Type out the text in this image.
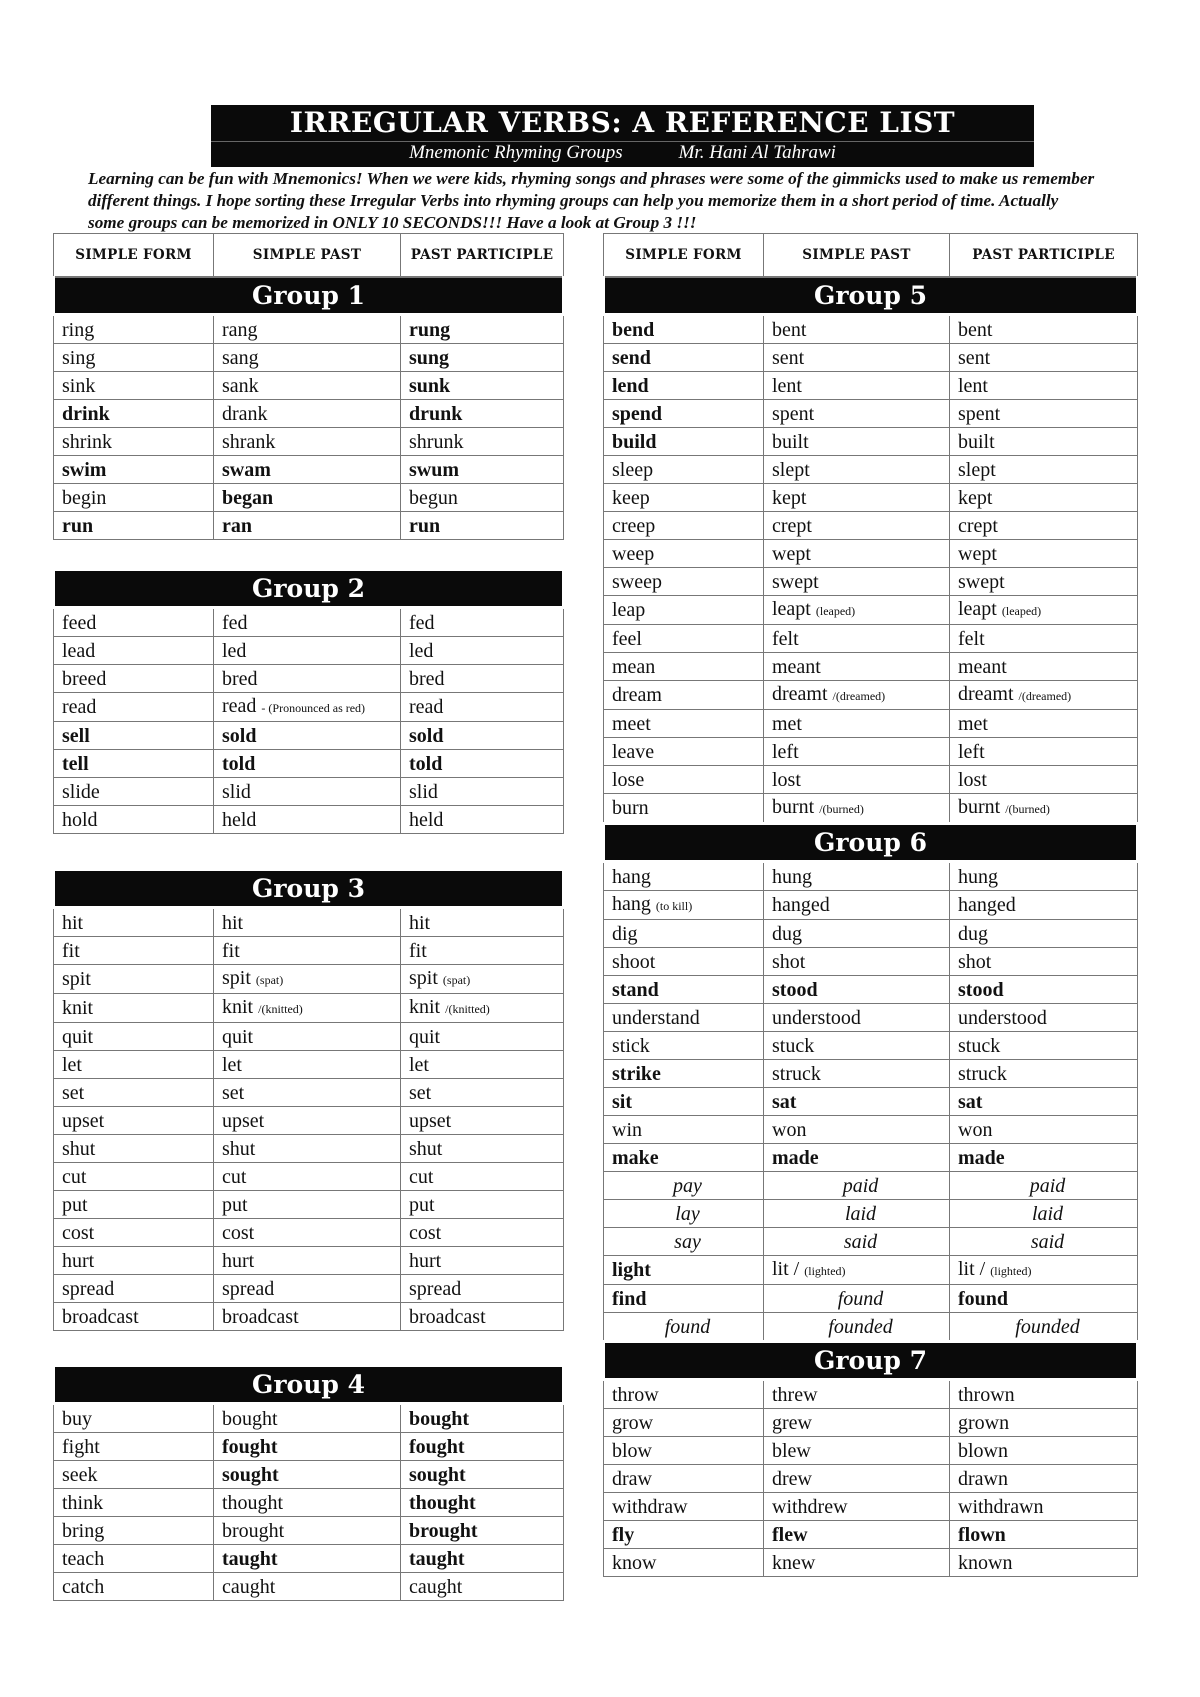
IRREGULAR VERBS: A REFERENCE LIST
Mnemonic Rhyming Groups	Mr. Hani Al Tahrawi

Learning can be fun with Mnemonics! When we were kids, rhyming songs and phrases were some of the gimmicks used to make us remember different things. I hope sorting these Irregular Verbs into rhyming groups can help you memorize them in a short period of time. Actually some groups can be memorized in ONLY 10 SECONDS!!! Have a look at Group 3 !!!

SIMPLE FORM	SIMPLE PAST	PAST PARTICIPLE
Group 1		
ring	rang	rung
sing	sang	sung
sink	sank	sunk
drink	drank	drunk
shrink	shrank	shrunk
swim	swam	swum
begin	began	begun
run	ran	run

Group 2		
feed	fed	fed
lead	led	led
breed	bred	bred
read	read - (Pronounced as red)	read
sell	sold	sold
tell	told	told
slide	slid	slid
hold	held	held

Group 3		
hit	hit	hit
fit	fit	fit
spit	spit (spat)	spit (spat)
knit	knit /(knitted)	knit /(knitted)
quit	quit	quit
let	let	let
set	set	set
upset	upset	upset
shut	shut	shut
cut	cut	cut
put	put	put
cost	cost	cost
hurt	hurt	hurt
spread	spread	spread
broadcast	broadcast	broadcast

Group 4		
buy	bought	bought
fight	fought	fought
seek	sought	sought
think	thought	thought
bring	brought	brought
teach	taught	taught
catch	caught	caught
SIMPLE FORM	SIMPLE PAST	PAST PARTICIPLE
Group 5		
bend	bent	bent
send	sent	sent
lend	lent	lent
spend	spent	spent
build	built	built
sleep	slept	slept
keep	kept	kept
creep	crept	crept
weep	wept	wept
sweep	swept	swept
leap	leapt (leaped)	leapt (leaped)
feel	felt	felt
mean	meant	meant
dream	dreamt /(dreamed)	dreamt /(dreamed)
meet	met	met
leave	left	left
lose	lost	lost
burn	burnt /(burned)	burnt /(burned)
Group 6		
hang	hung	hung
hang (to kill)	hanged	hanged
dig	dug	dug
shoot	shot	shot
stand	stood	stood
understand	understood	understood
stick	stuck	stuck
strike	struck	struck
sit	sat	sat
win	won	won
make	made	made
pay	paid	paid
lay	laid	laid
say	said	said
light	lit / (lighted)	lit / (lighted)
find	found	found
found	founded	founded
Group 7		
throw	threw	thrown
grow	grew	grown
blow	blew	blown
draw	drew	drawn
withdraw	withdrew	withdrawn
fly	flew	flown
know	knew	known
